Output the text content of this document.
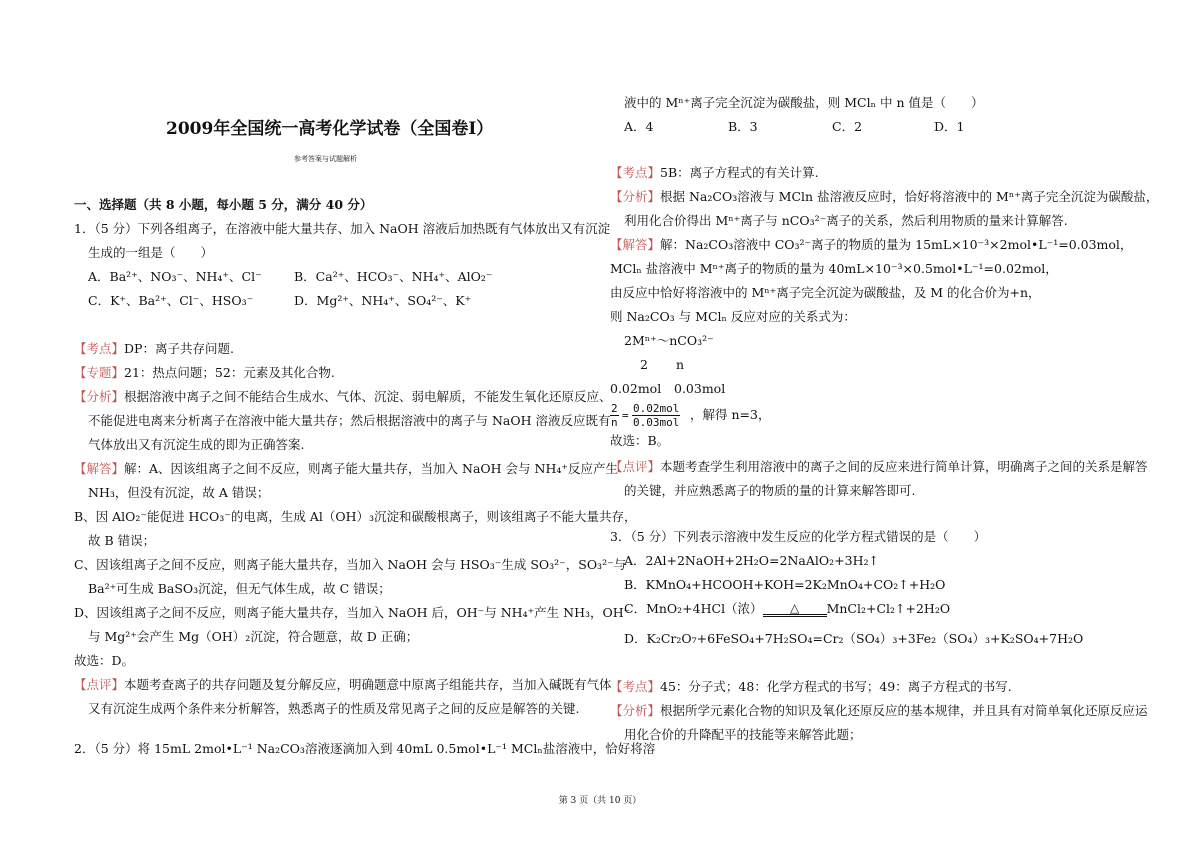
2009年全国统一高考化学试卷（全国卷Ⅰ）
参考答案与试题解析
一、选择题（共 8 小题，每小题 5 分，满分 40 分）
1．（5 分）下列各组离子，在溶液中能大量共存、加入 NaOH 溶液后加热既有气体放出又有沉淀
生成的一组是（　　）
A．Ba²⁺、NO₃⁻、NH₄⁺、Cl⁻	B．Ca²⁺、HCO₃⁻、NH₄⁺、AlO₂⁻
C．K⁺、Ba²⁺、Cl⁻、HSO₃⁻	D．Mg²⁺、NH₄⁺、SO₄²⁻、K⁺
【考点】DP：离子共存问题.
【专题】21：热点问题；52：元素及其化合物.
【分析】根据溶液中离子之间不能结合生成水、气体、沉淀、弱电解质，不能发生氧化还原反应、
不能促进电离来分析离子在溶液中能大量共存；然后根据溶液中的离子与 NaOH 溶液反应既有
气体放出又有沉淀生成的即为正确答案.
【解答】解：A、因该组离子之间不反应，则离子能大量共存，当加入 NaOH 会与 NH₄⁺反应产生
NH₃，但没有沉淀，故 A 错误；
B、因 AlO₂⁻能促进 HCO₃⁻的电离，生成 Al（OH）₃沉淀和碳酸根离子，则该组离子不能大量共存，
故 B 错误；
C、因该组离子之间不反应，则离子能大量共存，当加入 NaOH 会与 HSO₃⁻生成 SO₃²⁻，SO₃²⁻与
Ba²⁺可生成 BaSO₃沉淀，但无气体生成，故 C 错误；
D、因该组离子之间不反应，则离子能大量共存，当加入 NaOH 后，OH⁻与 NH₄⁺产生 NH₃，OH⁻
与 Mg²⁺会产生 Mg（OH）₂沉淀，符合题意，故 D 正确；
故选：D。
【点评】本题考查离子的共存问题及复分解反应，明确题意中原离子组能共存，当加入碱既有气体
又有沉淀生成两个条件来分析解答，熟悉离子的性质及常见离子之间的反应是解答的关键.
2．（5 分）将 15mL 2mol•L⁻¹ Na₂CO₃溶液逐滴加入到 40mL 0.5mol•L⁻¹ MClₙ盐溶液中，恰好将溶
液中的 Mⁿ⁺离子完全沉淀为碳酸盐，则 MClₙ 中 n 值是（　　）
A．4	B．3	C．2	D．1
【考点】5B：离子方程式的有关计算.
【分析】根据 Na₂CO₃溶液与 MCln 盐溶液反应时，恰好将溶液中的 Mⁿ⁺离子完全沉淀为碳酸盐，
利用化合价得出 Mⁿ⁺离子与 nCO₃²⁻离子的关系，然后利用物质的量来计算解答.
【解答】解：Na₂CO₃溶液中 CO₃²⁻离子的物质的量为 15mL×10⁻³×2mol•L⁻¹=0.03mol，
MClₙ 盐溶液中 Mⁿ⁺离子的物质的量为 40mL×10⁻³×0.5mol•L⁻¹=0.02mol，
由反应中恰好将溶液中的 Mⁿ⁺离子完全沉淀为碳酸盐，及 M 的化合价为+n，
则 Na₂CO₃ 与 MClₙ 反应对应的关系式为：
2Mⁿ⁺～nCO₃²⁻
2 n
0.02mol 0.03mol
$\frac{2}{n}$ =
0.02mol
0.03mol
，解得 n=3，
故选：B。
【点评】本题考查学生利用溶液中的离子之间的反应来进行简单计算，明确离子之间的关系是解答
的关键，并应熟悉离子的物质的量的计算来解答即可.
3．（5 分）下列表示溶液中发生反应的化学方程式错误的是（　　）
A．2Al+2NaOH+2H₂O=2NaAlO₂+3H₂↑
B．KMnO₄+HCOOH+KOH=2K₂MnO₄+CO₂↑+H₂O
C．MnO₂+4HCl（浓）	△	MnCl₂+Cl₂↑+2H₂O
D．K₂Cr₂O₇+6FeSO₄+7H₂SO₄=Cr₂（SO₄）₃+3Fe₂（SO₄）₃+K₂SO₄+7H₂O
【考点】45：分子式；48：化学方程式的书写；49：离子方程式的书写.
【分析】根据所学元素化合物的知识及氧化还原反应的基本规律，并且具有对简单氧化还原反应运
用化合价的升降配平的技能等来解答此题；
第 3 页（共 10 页）
